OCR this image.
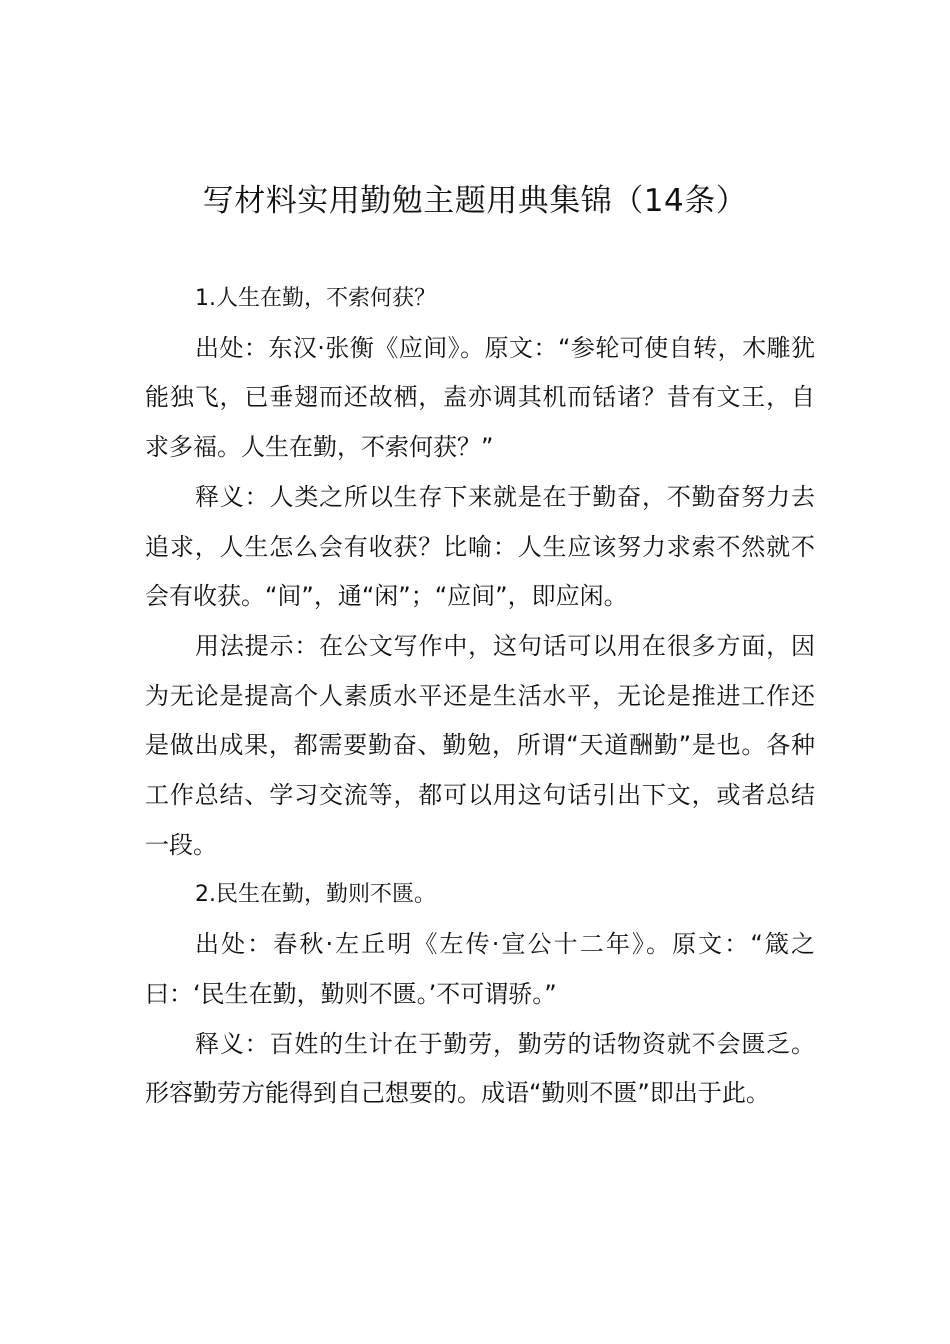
写材料实用勤勉主题用典集锦（14条）

1.人生在勤，不索何获？

出处：东汉·张衡《应间》。原文：“参轮可使自转，木雕犹能独飞，已垂翅而还故栖，盍亦调其机而铦诸？昔有文王，自求多福。人生在勤，不索何获？”

释义：人类之所以生存下来就是在于勤奋，不勤奋努力去追求，人生怎么会有收获？比喻：人生应该努力求索不然就不会有收获。“间”，通“闲”；“应间”，即应闲。

用法提示：在公文写作中，这句话可以用在很多方面，因为无论是提高个人素质水平还是生活水平，无论是推进工作还是做出成果，都需要勤奋、勤勉，所谓“天道酬勤”是也。各种工作总结、学习交流等，都可以用这句话引出下文，或者总结一段。

2.民生在勤，勤则不匮。

出处：春秋·左丘明《左传·宣公十二年》。原文：“箴之曰：‘民生在勤，勤则不匮。’不可谓骄。”

释义：百姓的生计在于勤劳，勤劳的话物资就不会匮乏。形容勤劳方能得到自己想要的。成语“勤则不匮”即出于此。
